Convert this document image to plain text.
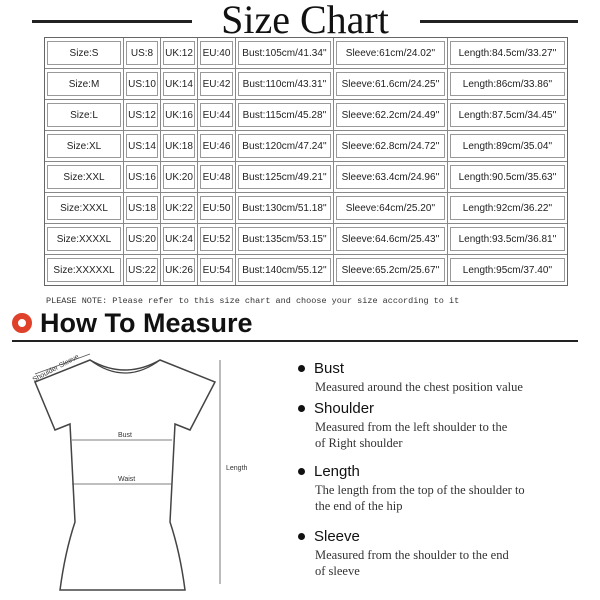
Size Chart
Size:S	US:8	UK:12 EU:40	Bust:105cm/41.34''	Sleeve:61cm/24.02''	Length:84.5cm/33.27''
Size:M	US:10 UK:14 EU:42	Bust:110cm/43.31''	Sleeve:61.6cm/24.25''	Length:86cm/33.86''
Size:L	US:12 UK:16 EU:44	Bust:115cm/45.28''	Sleeve:62.2cm/24.49''	Length:87.5cm/34.45''
Size:XL	US:14 UK:18 EU:46	Bust:120cm/47.24''	Sleeve:62.8cm/24.72''	Length:89cm/35.04''
Size:XXL	US:16 UK:20 EU:48	Bust:125cm/49.21''	Sleeve:63.4cm/24.96''	Length:90.5cm/35.63''
Size:XXXL	US:18 UK:22 EU:50	Bust:130cm/51.18''	Sleeve:64cm/25.20''	Length:92cm/36.22''
Size:XXXXL	US:20 UK:24 EU:52	Bust:135cm/53.15''	Sleeve:64.6cm/25.43''	Length:93.5cm/36.81''
Size:XXXXXL	US:22 UK:26 EU:54	Bust:140cm/55.12''	Sleeve:65.2cm/25.67''	Length:95cm/37.40''
PLEASE NOTE: Please refer to this size chart and choose your size according to it
How To Measure
Shoulder Sleeve
Bust
Waist
Length
Bust
Measured around the chest position value
Shoulder
Measured from the left shoulder to the
of Right shoulder
Length
The length from the top of the shoulder to
the end of the hip
Sleeve
Measured from the shoulder to the end
of sleeve
